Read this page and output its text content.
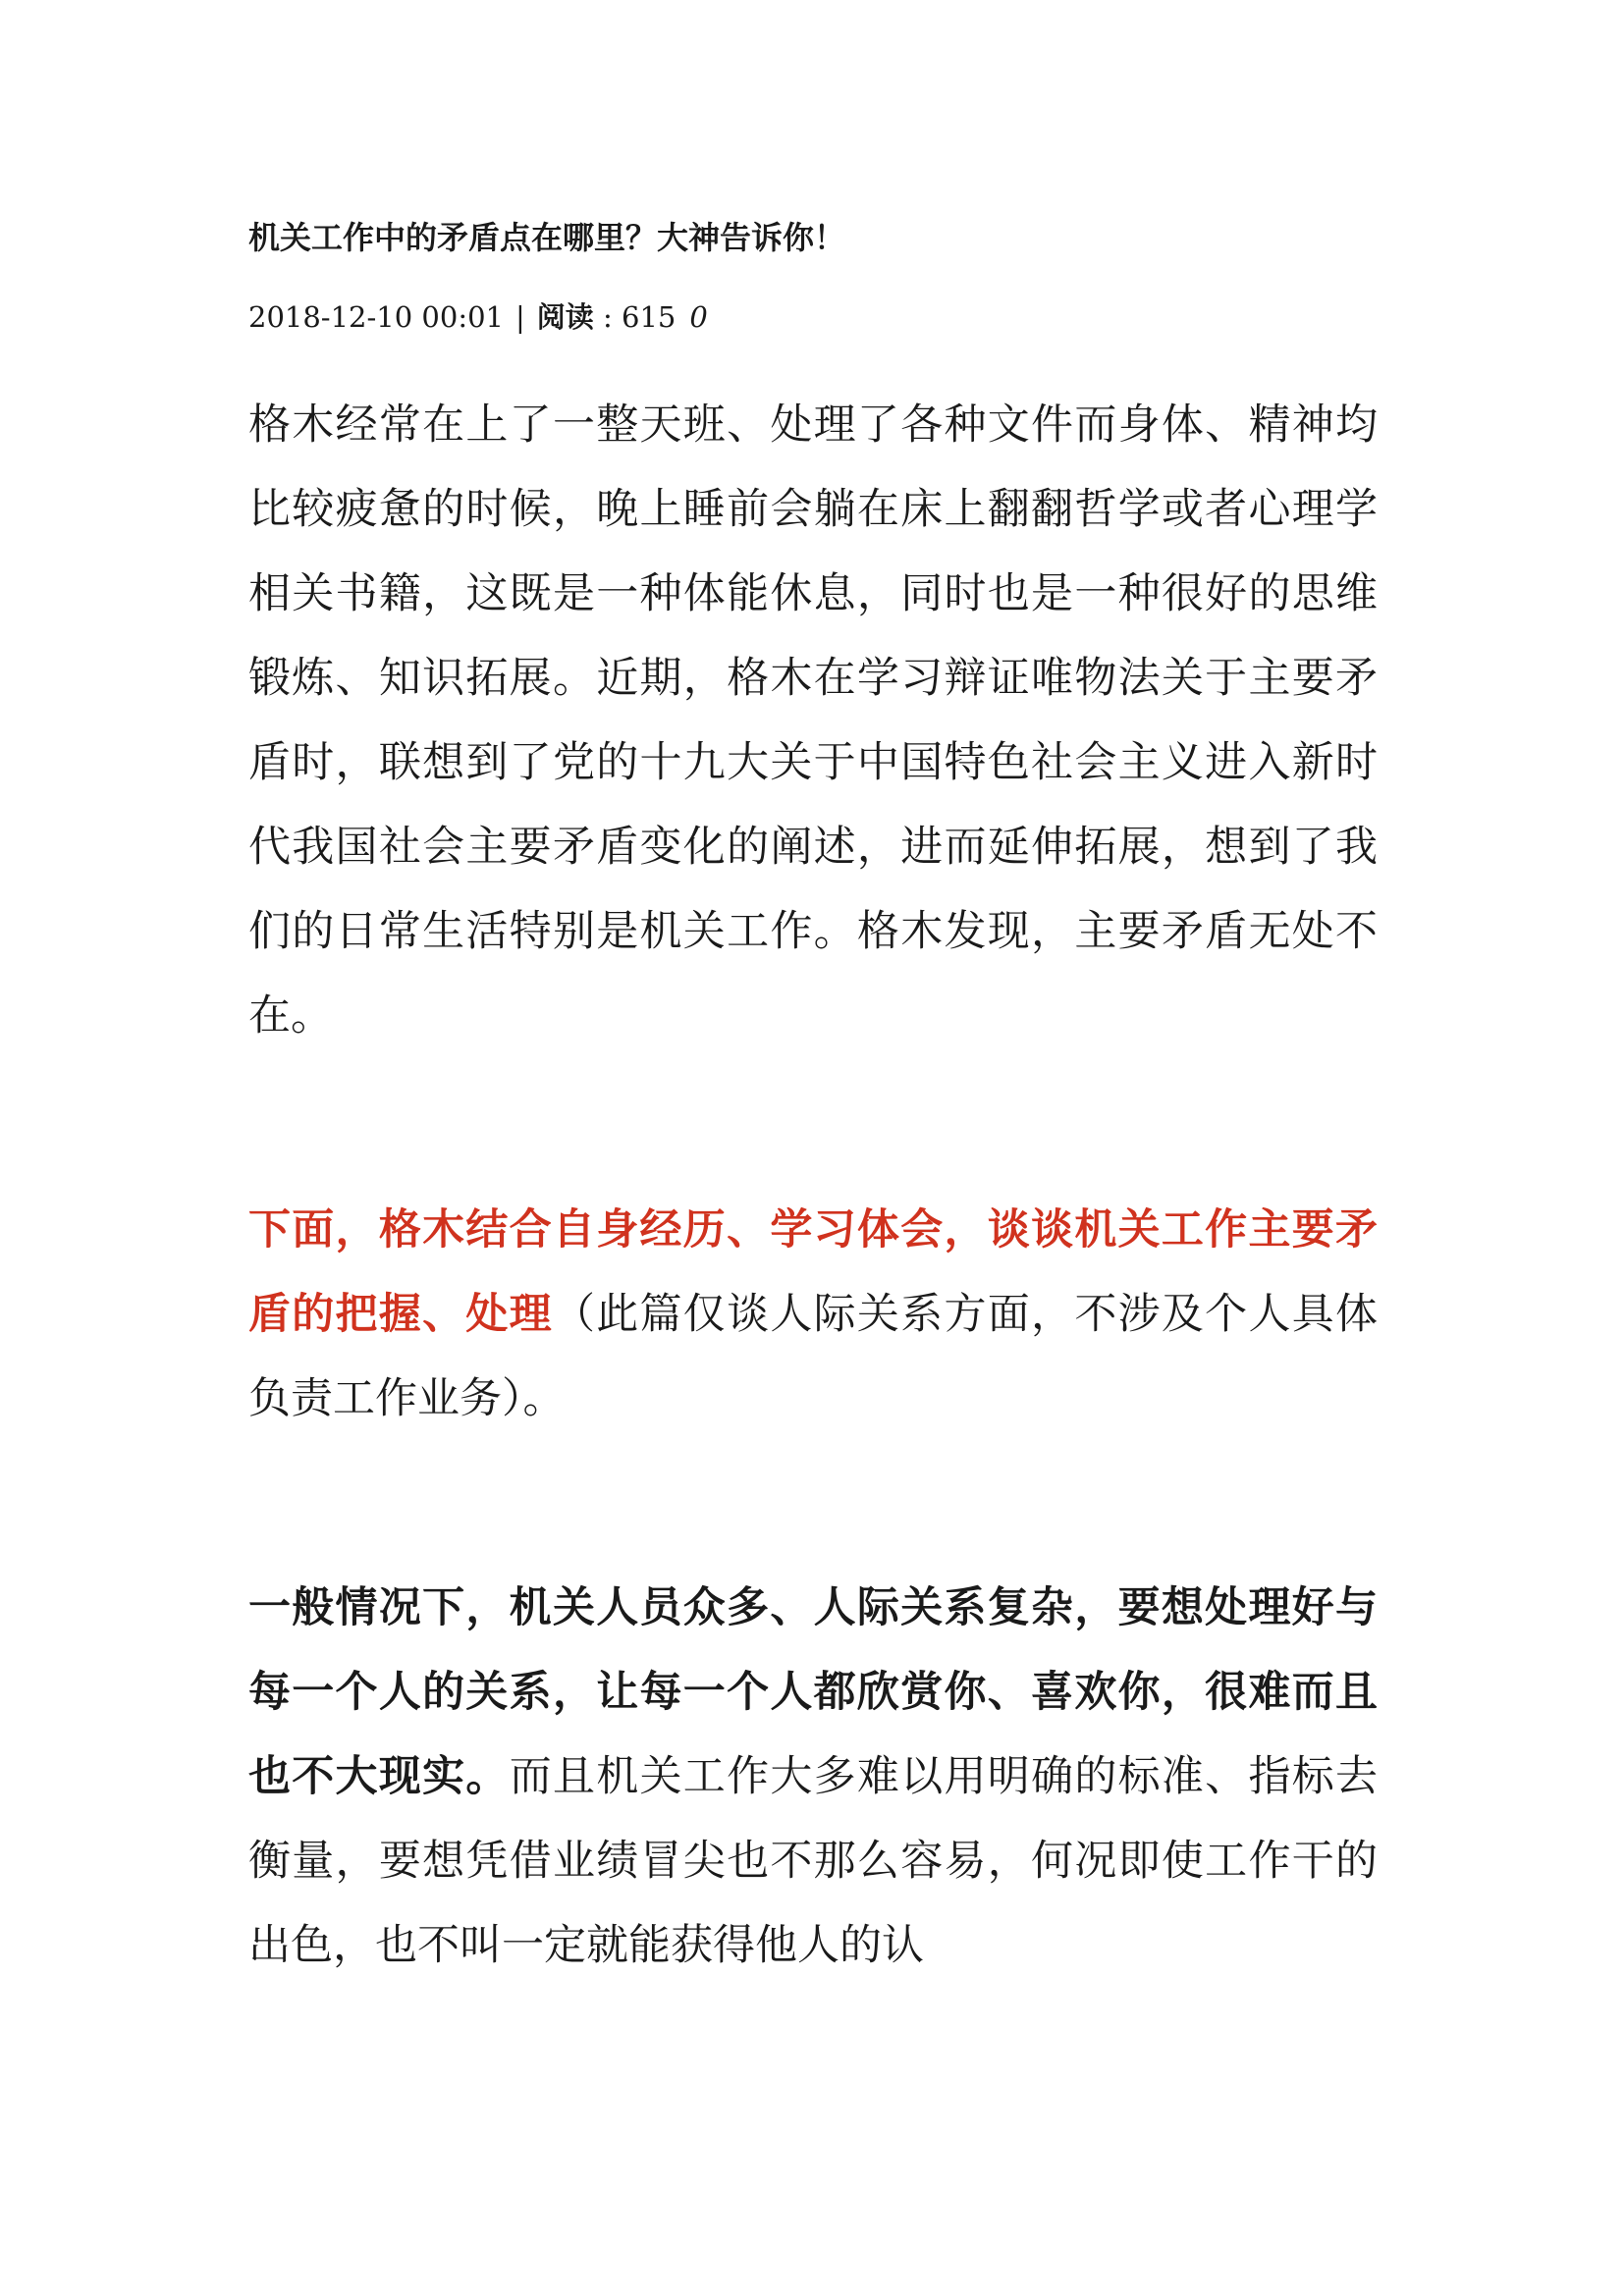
机关工作中的矛盾点在哪里？大神告诉你！
2018-12-10 00:01 | 阅读 : 615 0

格木经常在上了一整天班、处理了各种文件而身体、精神均比较疲惫的时候，晚上睡前会躺在床上翻翻哲学或者心理学相关书籍，这既是一种体能休息，同时也是一种很好的思维锻炼、知识拓展。近期，格木在学习辩证唯物法关于主要矛盾时，联想到了党的十九大关于中国特色社会主义进入新时代我国社会主要矛盾变化的阐述，进而延伸拓展，想到了我们的日常生活特别是机关工作。格木发现，主要矛盾无处不在。

下面，格木结合自身经历、学习体会，谈谈机关工作主要矛盾的把握、处理（此篇仅谈人际关系方面，不涉及个人具体负责工作业务）。

一般情况下，机关人员众多、人际关系复杂，要想处理好与每一个人的关系，让每一个人都欣赏你、喜欢你，很难而且也不大现实。而且机关工作大多难以用明确的标准、指标去衡量，要想凭借业绩冒尖也不那么容易，何况即使工作干的出色，也不叫一定就能获得他人的认
